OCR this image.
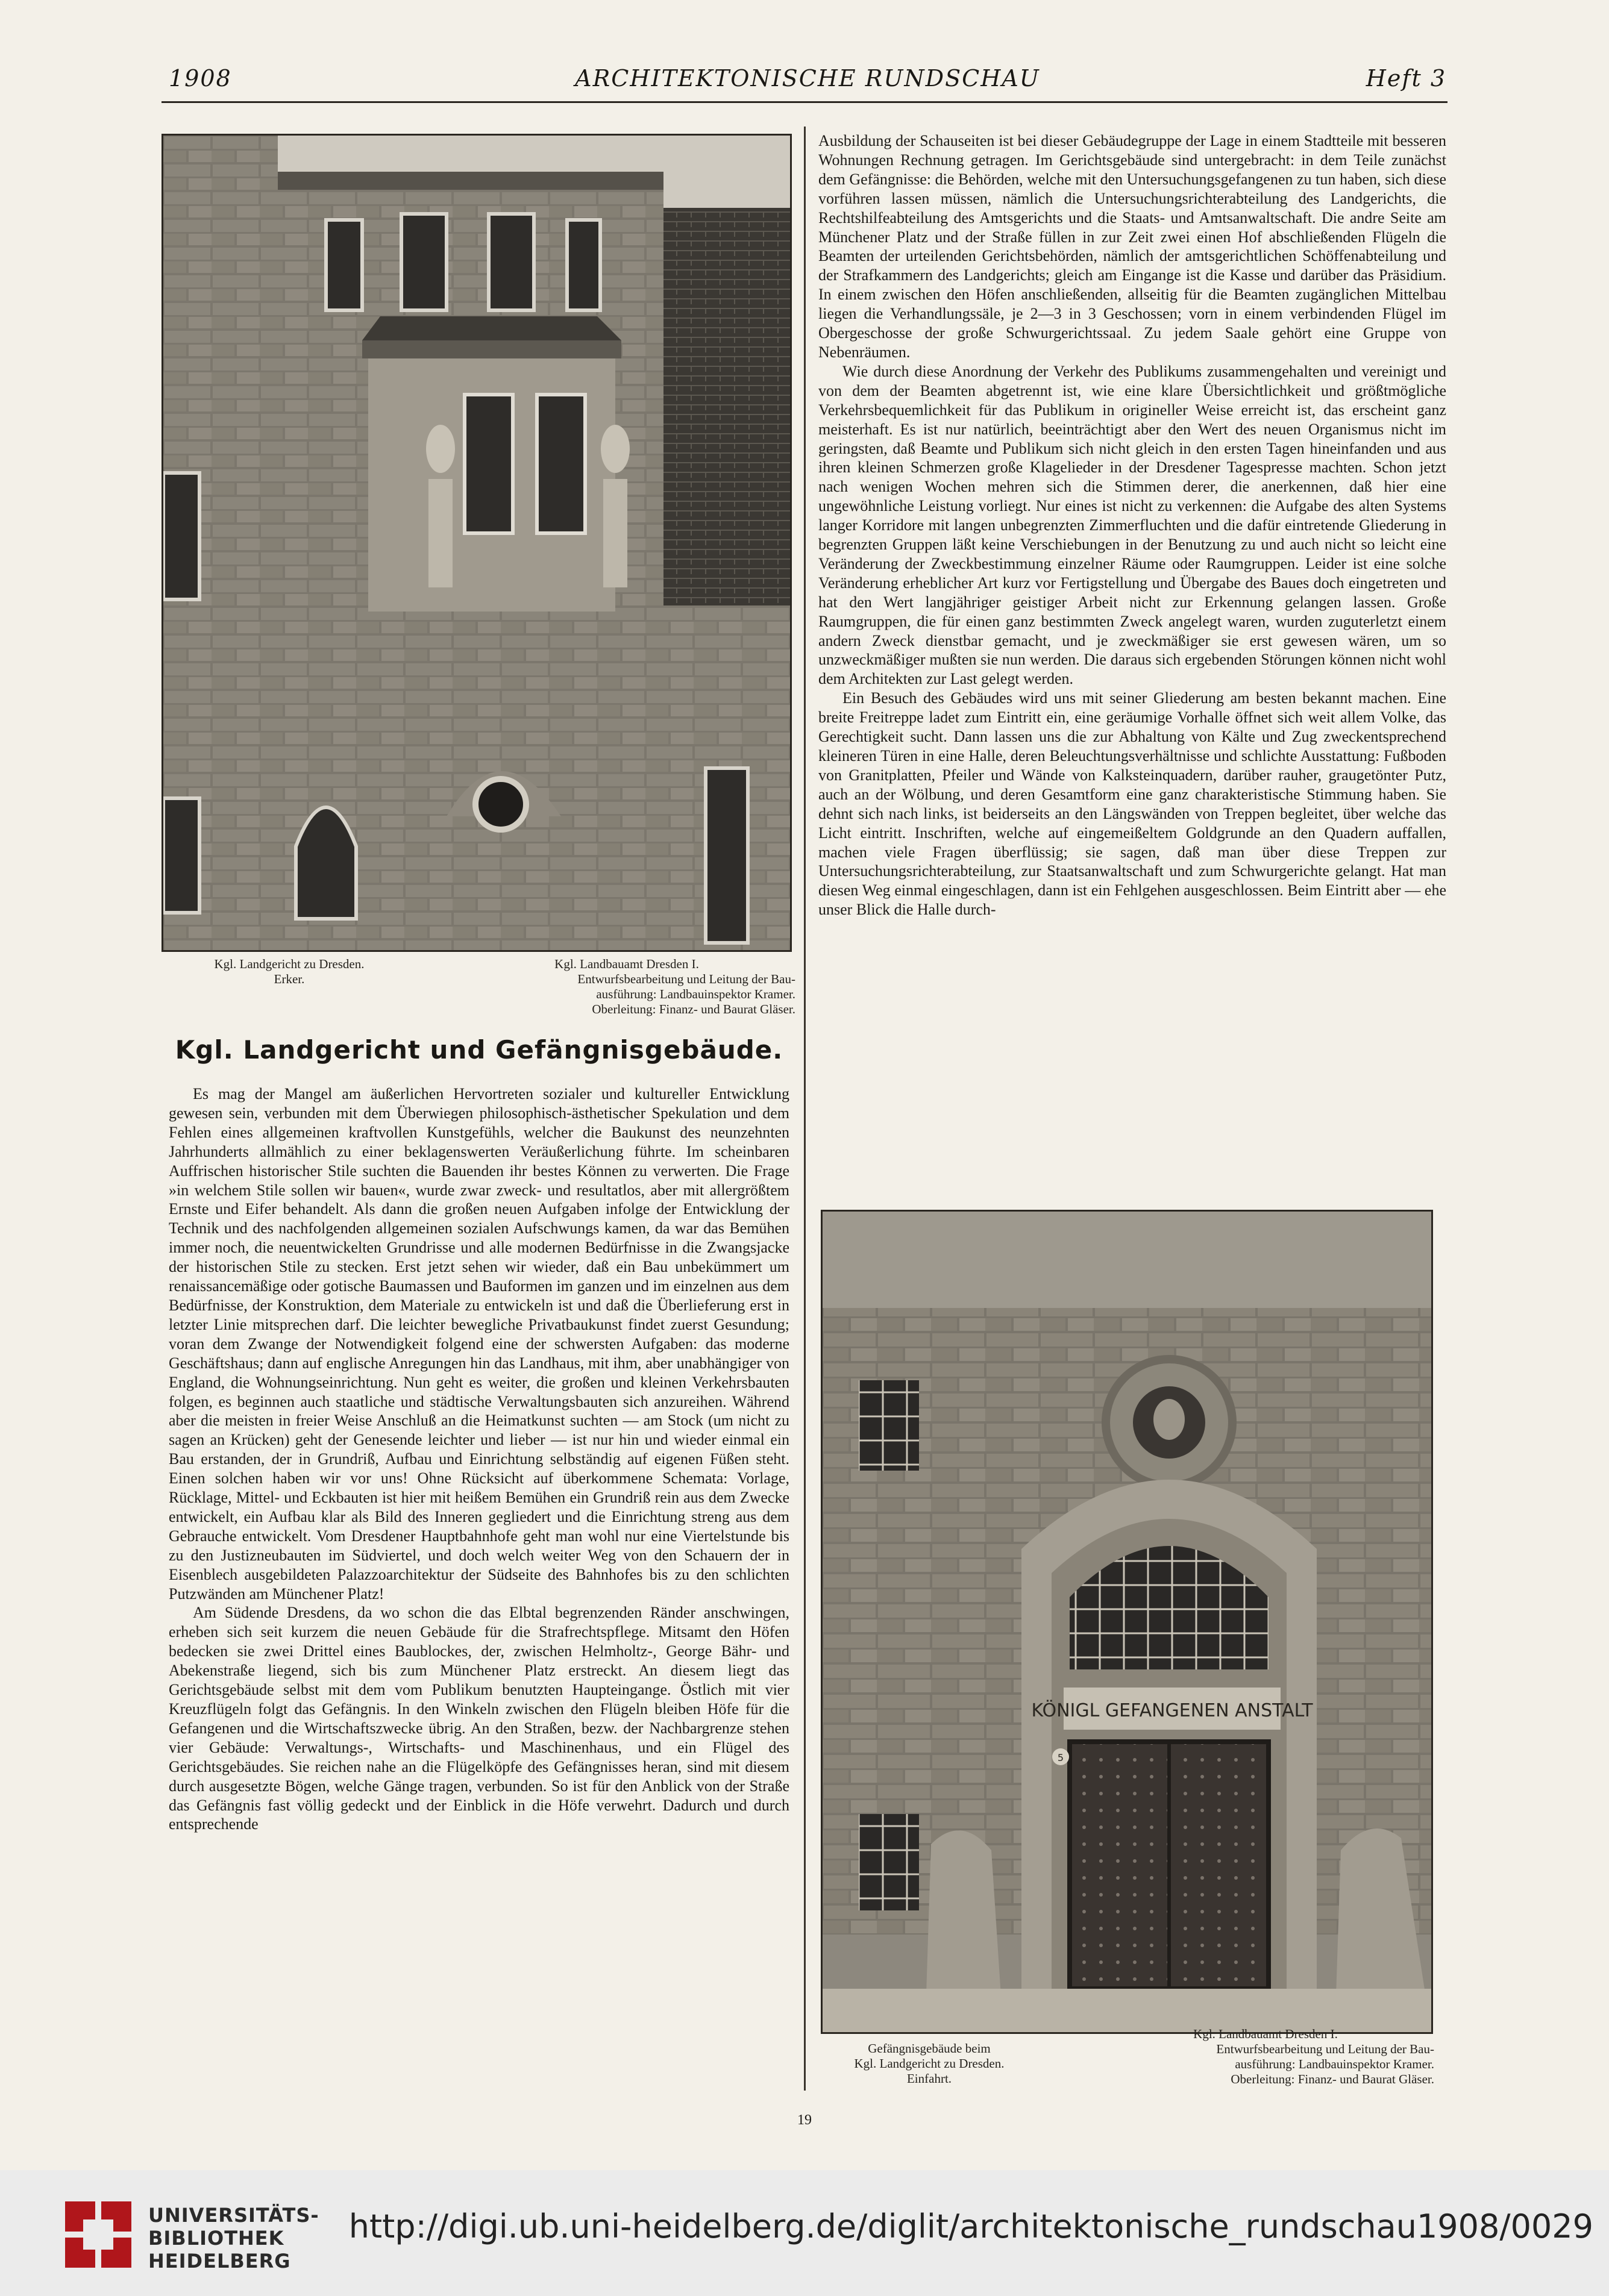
1908	ARCHITEKTONISCHE RUNDSCHAU	Heft 3
Kgl. Landgericht zu Dresden.
Erker.
Kgl. Landbauamt Dresden I.
Entwurfsbearbeitung und Leitung der Bau-
ausführung: Landbauinspektor Kramer.
Oberleitung: Finanz- und Baurat Gläser.
Kgl. Landgericht und Gefängnisgebäude.

Es mag der Mangel am äußerlichen Hervortreten sozialer und kultureller Entwicklung gewesen sein, verbunden mit dem Überwiegen philosophisch-ästhetischer Spekulation und dem Fehlen eines allgemeinen kraftvollen Kunstgefühls, welcher die Baukunst des neunzehnten Jahrhunderts allmählich zu einer beklagenswerten Veräußerlichung führte. Im scheinbaren Auffrischen historischer Stile suchten die Bauenden ihr bestes Können zu verwerten. Die Frage »in welchem Stile sollen wir bauen«, wurde zwar zweck- und resultatlos, aber mit allergrößtem Ernste und Eifer behandelt. Als dann die großen neuen Aufgaben infolge der Entwicklung der Technik und des nachfolgenden allgemeinen sozialen Aufschwungs kamen, da war das Bemühen immer noch, die neuentwickelten Grundrisse und alle modernen Bedürfnisse in die Zwangsjacke der historischen Stile zu stecken. Erst jetzt sehen wir wieder, daß ein Bau unbekümmert um renaissancemäßige oder gotische Baumassen und Bauformen im ganzen und im einzelnen aus dem Bedürfnisse, der Konstruktion, dem Materiale zu entwickeln ist und daß die Überlieferung erst in letzter Linie mitsprechen darf. Die leichter bewegliche Privatbaukunst findet zuerst Gesundung; voran dem Zwange der Notwendigkeit folgend eine der schwersten Aufgaben: das moderne Geschäftshaus; dann auf englische Anregungen hin das Landhaus, mit ihm, aber unabhängiger von England, die Wohnungseinrichtung. Nun geht es weiter, die großen und kleinen Verkehrsbauten folgen, es beginnen auch staatliche und städtische Verwaltungsbauten sich anzureihen. Während aber die meisten in freier Weise Anschluß an die Heimatkunst suchten — am Stock (um nicht zu sagen an Krücken) geht der Genesende leichter und lieber — ist nur hin und wieder einmal ein Bau erstanden, der in Grundriß, Aufbau und Einrichtung selbständig auf eigenen Füßen steht. Einen solchen haben wir vor uns! Ohne Rücksicht auf überkommene Schemata: Vorlage, Rücklage, Mittel- und Eckbauten ist hier mit heißem Bemühen ein Grundriß rein aus dem Zwecke entwickelt, ein Aufbau klar als Bild des Inneren gegliedert und die Einrichtung streng aus dem Gebrauche entwickelt. Vom Dresdener Hauptbahnhofe geht man wohl nur eine Viertelstunde bis zu den Justizneubauten im Südviertel, und doch welch weiter Weg von den Schauern der in Eisenblech ausgebildeten Palazzoarchitektur der Südseite des Bahnhofes bis zu den schlichten Putzwänden am Münchener Platz!

Am Südende Dresdens, da wo schon die das Elbtal begrenzenden Ränder anschwingen, erheben sich seit kurzem die neuen Gebäude für die Strafrechtspflege. Mitsamt den Höfen bedecken sie zwei Drittel eines Baublockes, der, zwischen Helmholtz-, George Bähr- und Abekenstraße liegend, sich bis zum Münchener Platz erstreckt. An diesem liegt das Gerichtsgebäude selbst mit dem vom Publikum benutzten Haupteingange. Östlich mit vier Kreuzflügeln folgt das Gefängnis. In den Winkeln zwischen den Flügeln bleiben Höfe für die Gefangenen und die Wirtschaftszwecke übrig. An den Straßen, bezw. der Nachbargrenze stehen vier Gebäude: Verwaltungs-, Wirtschafts- und Maschinenhaus, und ein Flügel des Gerichtsgebäudes. Sie reichen nahe an die Flügelköpfe des Gefängnisses heran, sind mit diesem durch ausgesetzte Bögen, welche Gänge tragen, verbunden. So ist für den Anblick von der Straße das Gefängnis fast völlig gedeckt und der Einblick in die Höfe verwehrt. Dadurch und durch entsprechende

Ausbildung der Schauseiten ist bei dieser Gebäudegruppe der Lage in einem Stadtteile mit besseren Wohnungen Rechnung getragen. Im Gerichtsgebäude sind untergebracht: in dem Teile zunächst dem Gefängnisse: die Behörden, welche mit den Untersuchungsgefangenen zu tun haben, sich diese vorführen lassen müssen, nämlich die Untersuchungsrichterabteilung des Landgerichts, die Rechtshilfeabteilung des Amtsgerichts und die Staats- und Amtsanwaltschaft. Die andre Seite am Münchener Platz und der Straße füllen in zur Zeit zwei einen Hof abschließenden Flügeln die Beamten der urteilenden Gerichtsbehörden, nämlich der amtsgerichtlichen Schöffenabteilung und der Strafkammern des Landgerichts; gleich am Eingange ist die Kasse und darüber das Präsidium. In einem zwischen den Höfen anschließenden, allseitig für die Beamten zugänglichen Mittelbau liegen die Verhandlungssäle, je 2—3 in 3 Geschossen; vorn in einem verbindenden Flügel im Obergeschosse der große Schwurgerichtssaal. Zu jedem Saale gehört eine Gruppe von Nebenräumen.

Wie durch diese Anordnung der Verkehr des Publikums zusammengehalten und vereinigt und von dem der Beamten abgetrennt ist, wie eine klare Übersichtlichkeit und größtmögliche Verkehrsbequemlichkeit für das Publikum in origineller Weise erreicht ist, das erscheint ganz meisterhaft. Es ist nur natürlich, beeinträchtigt aber den Wert des neuen Organismus nicht im geringsten, daß Beamte und Publikum sich nicht gleich in den ersten Tagen hineinfanden und aus ihren kleinen Schmerzen große Klagelieder in der Dresdener Tagespresse machten. Schon jetzt nach wenigen Wochen mehren sich die Stimmen derer, die anerkennen, daß hier eine ungewöhnliche Leistung vorliegt. Nur eines ist nicht zu verkennen: die Aufgabe des alten Systems langer Korridore mit langen unbegrenzten Zimmerfluchten und die dafür eintretende Gliederung in begrenzten Gruppen läßt keine Verschiebungen in der Benutzung zu und auch nicht so leicht eine Veränderung der Zweckbestimmung einzelner Räume oder Raumgruppen. Leider ist eine solche Veränderung erheblicher Art kurz vor Fertigstellung und Übergabe des Baues doch eingetreten und hat den Wert langjähriger geistiger Arbeit nicht zur Erkennung gelangen lassen. Große Raumgruppen, die für einen ganz bestimmten Zweck angelegt waren, wurden zuguterletzt einem andern Zweck dienstbar gemacht, und je zweckmäßiger sie erst gewesen wären, um so unzweckmäßiger mußten sie nun werden. Die daraus sich ergebenden Störungen können nicht wohl dem Architekten zur Last gelegt werden.

Ein Besuch des Gebäudes wird uns mit seiner Gliederung am besten bekannt machen. Eine breite Freitreppe ladet zum Eintritt ein, eine geräumige Vorhalle öffnet sich weit allem Volke, das Gerechtigkeit sucht. Dann lassen uns die zur Abhaltung von Kälte und Zug zweckentsprechend kleineren Türen in eine Halle, deren Beleuchtungsverhältnisse und schlichte Ausstattung: Fußboden von Granitplatten, Pfeiler und Wände von Kalksteinquadern, darüber rauher, graugetönter Putz, auch an der Wölbung, und deren Gesamtform eine ganz charakteristische Stimmung haben. Sie dehnt sich nach links, ist beiderseits an den Längswänden von Treppen begleitet, über welche das Licht eintritt. Inschriften, welche auf eingemeißeltem Goldgrunde an den Quadern auffallen, machen viele Fragen überflüssig; sie sagen, daß man über diese Treppen zur Untersuchungsrichterabteilung, zur Staatsanwaltschaft und zum Schwurgerichte gelangt. Hat man diesen Weg einmal eingeschlagen, dann ist ein Fehlgehen ausgeschlossen. Beim Eintritt aber — ehe unser Blick die Halle durch-

KÖNIGL GEFANGENEN ANSTALT
5
Gefängnisgebäude beim
Kgl. Landgericht zu Dresden.
Einfahrt.
Kgl. Landbauamt Dresden I.
Entwurfsbearbeitung und Leitung der Bau-
ausführung: Landbauinspektor Kramer.
Oberleitung: Finanz- und Baurat Gläser.
19
UNIVERSITÄTS-
BIBLIOTHEK
HEIDELBERG
http://digi.ub.uni-heidelberg.de/diglit/architektonische_rundschau1908/0029
